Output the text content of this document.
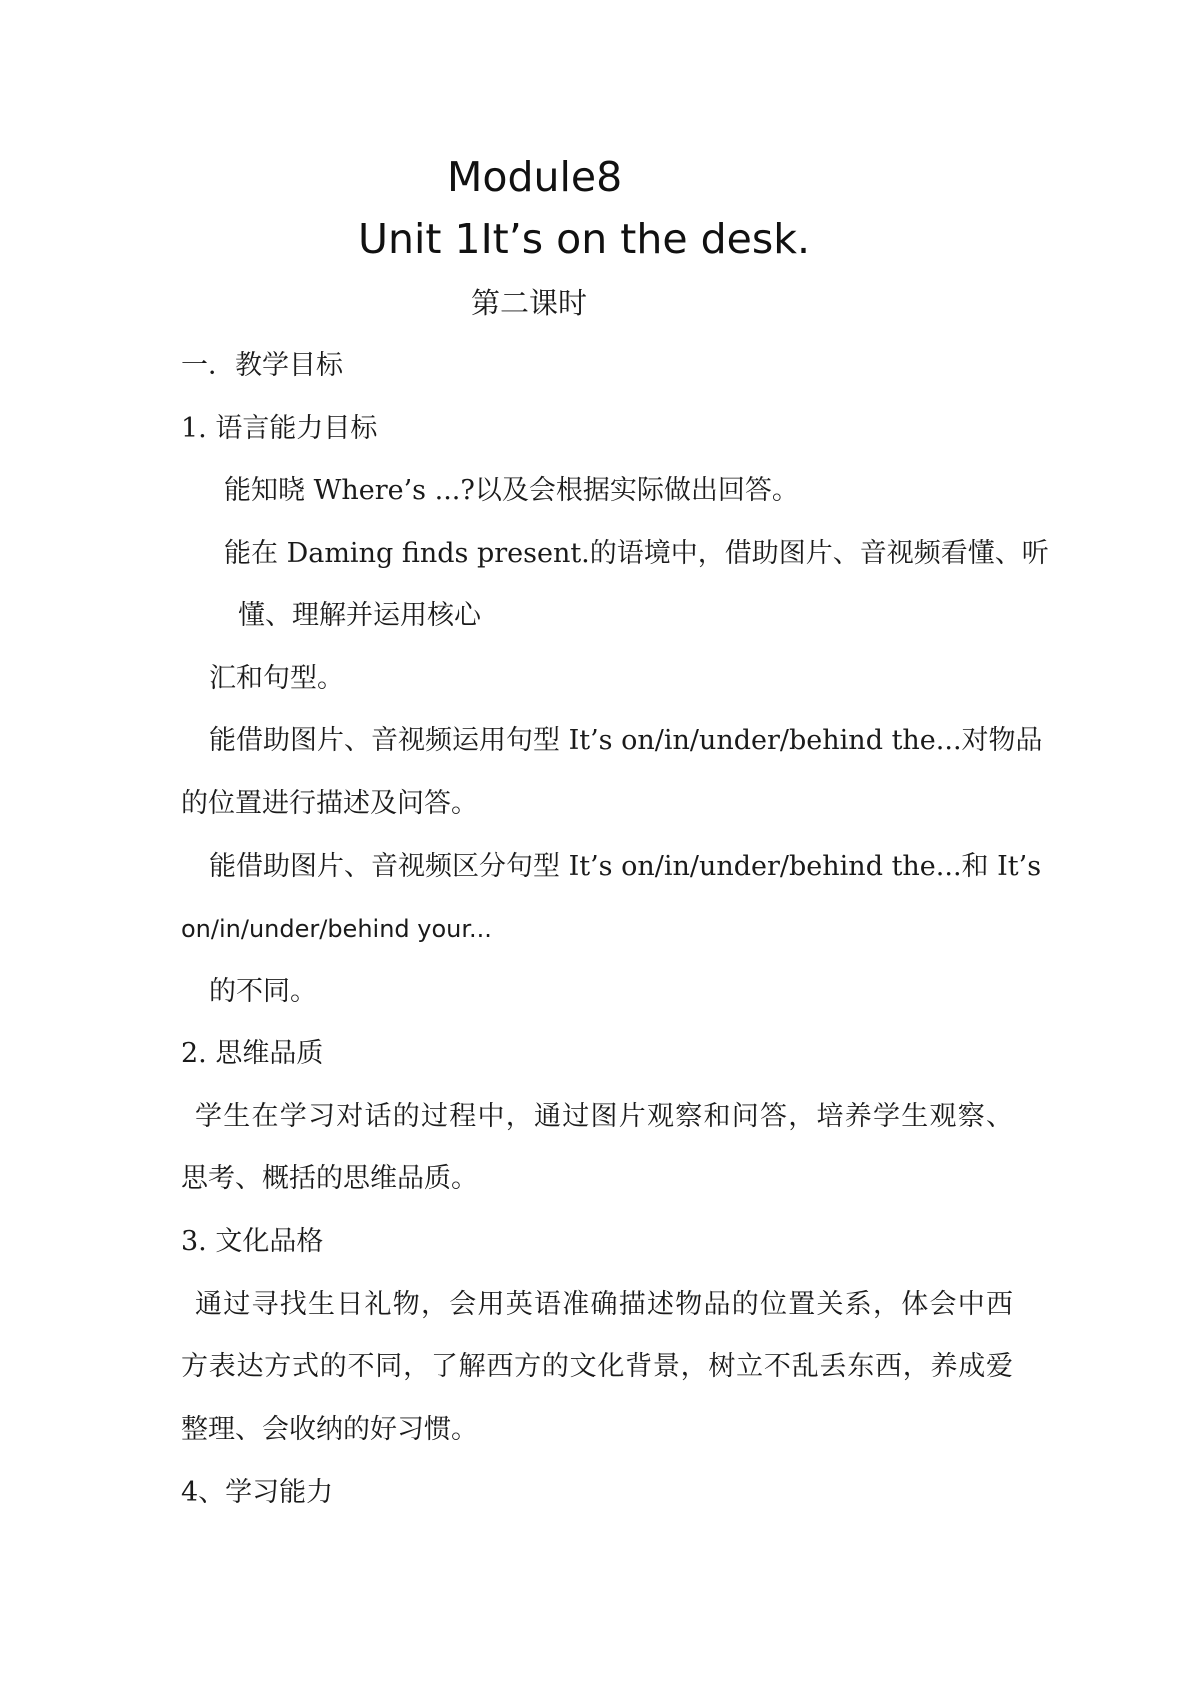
Module8
Unit 1It’s on the desk.
第二课时
一．教学目标
1. 语言能力目标
能知晓 Where’s ...?以及会根据实际做出回答。
能在 Daming finds present.的语境中，借助图片、音视频看懂、听
懂、理解并运用核心
汇和句型。
能借助图片、音视频运用句型 It’s on/in/under/behind the...对物品
的位置进行描述及问答。
能借助图片、音视频区分句型 It’s on/in/under/behind the...和 It’s
on/in/under/behind your...
的不同。
2. 思维品质
学生在学习对话的过程中，通过图片观察和问答，培养学生观察、
思考、概括的思维品质。
3. 文化品格
通过寻找生日礼物，会用英语准确描述物品的位置关系，体会中西
方表达方式的不同，了解西方的文化背景，树立不乱丢东西，养成爱
整理、会收纳的好习惯。
4、学习能力
